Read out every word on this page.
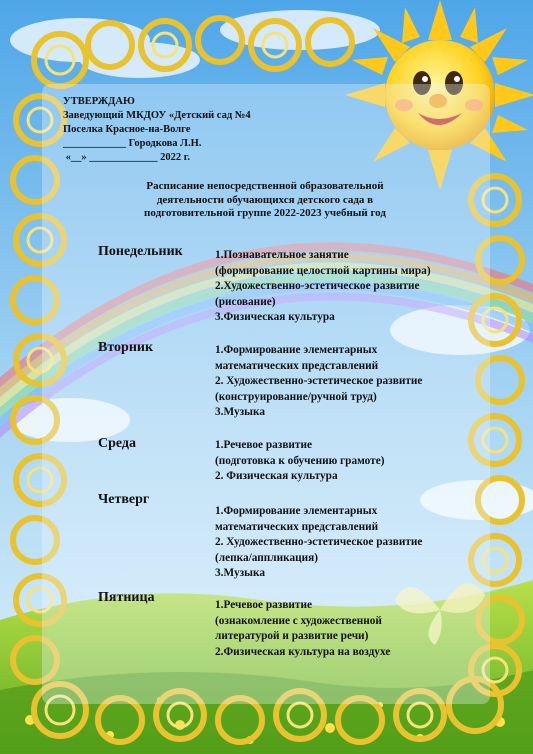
УТВЕРЖДАЮ
Заведующий МКДОУ «Детский сад №4
Поселка Красное-на-Волге
____________ Городкова Л.Н.
«__» _____________ 2022 г.
Расписание непосредственной образовательной
деятельности обучающихся детского сада в
подготовительной группе 2022-2023 учебный год
Понедельник	1.Познавательное занятие
(формирование целостной картины мира)
2.Художественно-эстетическое развитие
(рисование)
3.Физическая культура
Вторник	1.Формирование элементарных
математических представлений
2. Художественно-эстетическое развитие
(конструирование/ручной труд)
3.Музыка
Среда	1.Речевое развитие
(подготовка к обучению грамоте)
2. Физическая культура
Четверг
1.Формирование элементарных
математических представлений
2. Художественно-эстетическое развитие
(лепка/аппликация)
3.Музыка
Пятница	1.Речевое развитие
(ознакомление с художественной
литературой и развитие речи)
2.Физическая культура на воздухе
